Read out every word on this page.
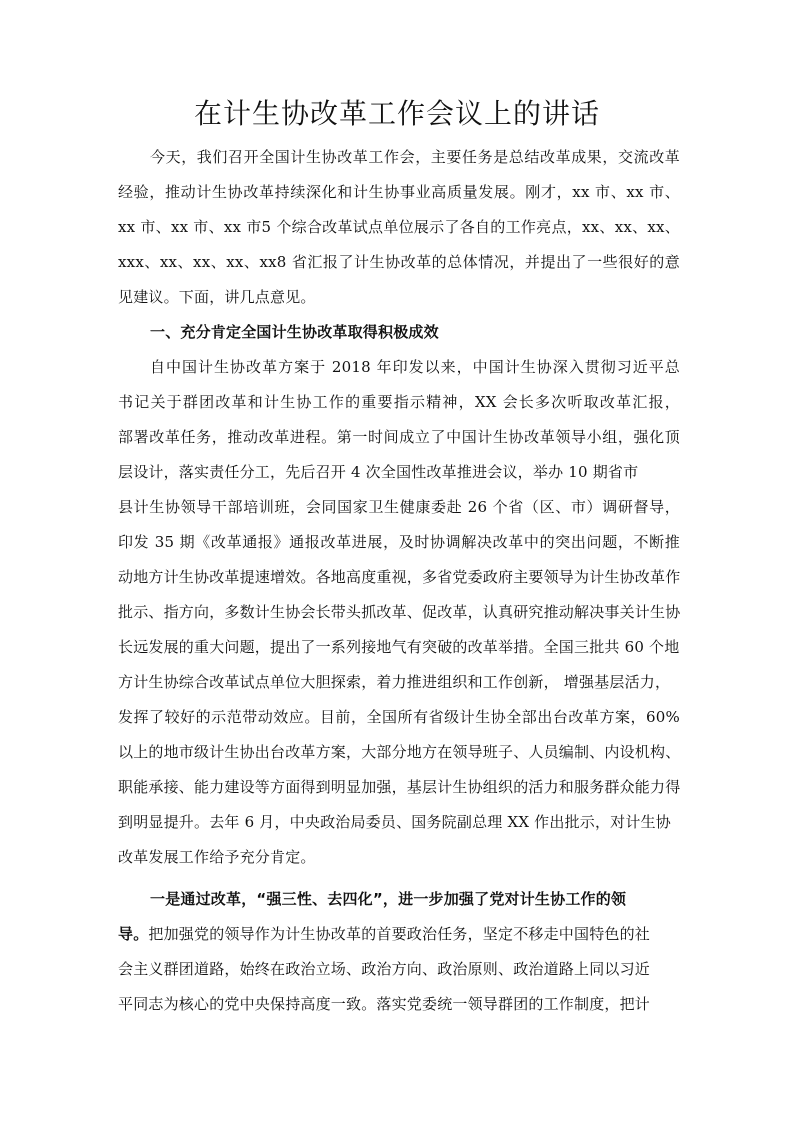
在计生协改革工作会议上的讲话
今天，我们召开全国计生协改革工作会，主要任务是总结改革成果，交流改革
经验，推动计生协改革持续深化和计生协事业高质量发展。刚才，xx 市、xx 市、
xx 市、xx 市、xx 市5 个综合改革试点单位展示了各自的工作亮点，xx、xx、xx、
xxx、xx、xx、xx、xx8 省汇报了计生协改革的总体情况，并提出了一些很好的意
见建议。下面，讲几点意见。
一、充分肯定全国计生协改革取得积极成效
自中国计生协改革方案于 2018 年印发以来，中国计生协深入贯彻习近平总
书记关于群团改革和计生协工作的重要指示精神，XX 会长多次听取改革汇报，
部署改革任务，推动改革进程。第一时间成立了中国计生协改革领导小组，强化顶
层设计，落实责任分工，先后召开 4 次全国性改革推进会议，举办 10 期省市
县计生协领导干部培训班，会同国家卫生健康委赴 26 个省（区、市）调研督导，
印发 35 期《改革通报》通报改革进展，及时协调解决改革中的突出问题，不断推
动地方计生协改革提速增效。各地高度重视，多省党委政府主要领导为计生协改革作
批示、指方向，多数计生协会长带头抓改革、促改革，认真研究推动解决事关计生协
长远发展的重大问题，提出了一系列接地气有突破的改革举措。全国三批共 60 个地
方计生协综合改革试点单位大胆探索，着力推进组织和工作创新， 增强基层活力，
发挥了较好的示范带动效应。目前，全国所有省级计生协全部出台改革方案，60%
以上的地市级计生协出台改革方案，大部分地方在领导班子、人员编制、内设机构、
职能承接、能力建设等方面得到明显加强，基层计生协组织的活力和服务群众能力得
到明显提升。去年 6 月，中央政治局委员、国务院副总理 XX 作出批示，对计生协
改革发展工作给予充分肯定。
一是通过改革，“强三性、去四化”，进一步加强了党对计生协工作的领
导。把加强党的领导作为计生协改革的首要政治任务，坚定不移走中国特色的社
会主义群团道路，始终在政治立场、政治方向、政治原则、政治道路上同以习近
平同志为核心的党中央保持高度一致。落实党委统一领导群团的工作制度，把计
